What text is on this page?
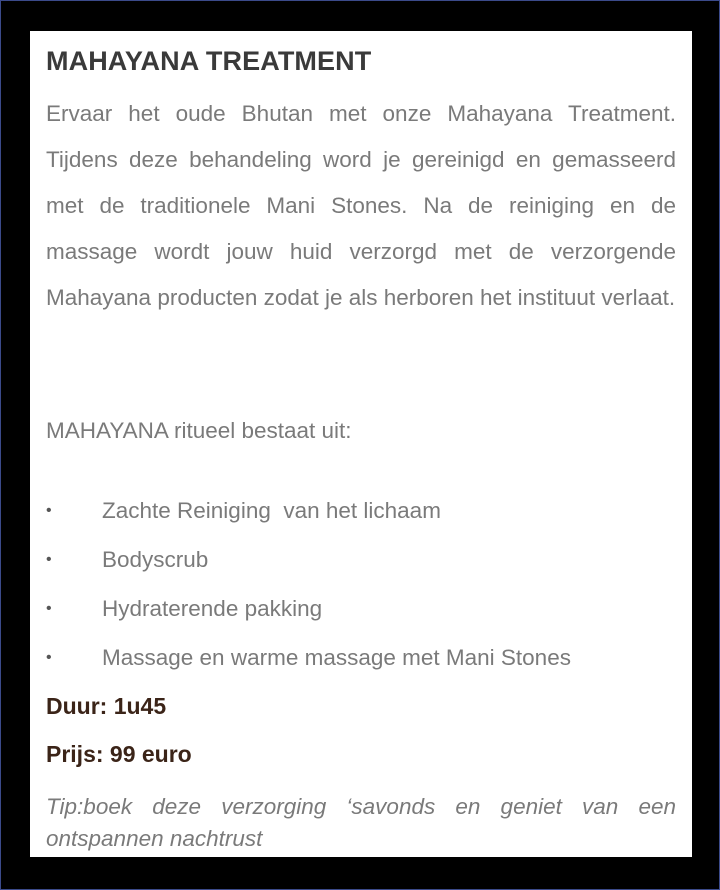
MAHAYANA TREATMENT

Ervaar het oude Bhutan met onze Mahayana Treatment. Tijdens deze behandeling word je gereinigd en gemasseerd met de traditionele Mani Stones. Na de reiniging en de massage wordt jouw huid verzorgd met de verzorgende Mahayana producten zodat je als herboren het instituut verlaat.

MAHAYANA ritueel bestaat uit:

• Zachte Reiniging  van het lichaam
• Bodyscrub
• Hydraterende pakking
• Massage en warme massage met Mani Stones

Duur: 1u45

Prijs: 99 euro

Tip:boek deze verzorging ‘savonds en geniet van een ontspannen nachtrust
